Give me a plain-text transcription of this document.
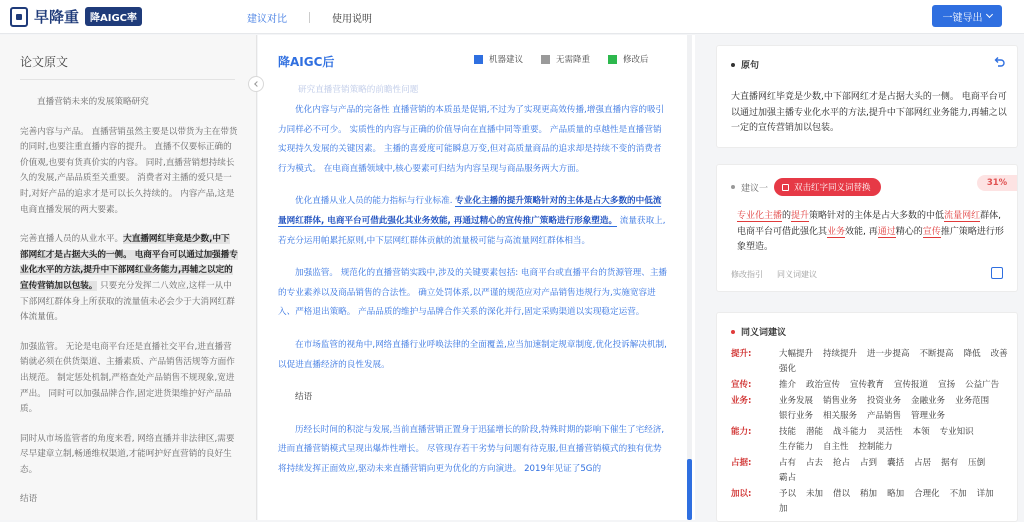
早降重	降AIGC率	建议对比	使用说明	一键导出
论文原文
直播营销未来的发展策略研究

完善内容与产品。 直播营销虽然主要是以带货为主在带货的同时,也要注重直播内容的提升。 直播不仅要标正确的价值观,也要有货真价实的内容。 同时,直播营销想持续长久的发展,产品品质至关重要。 消费者对主播的爱只是一时,对好产品的追求才是可以长久持续的。 内容产品,这是电商直播发展的两大要素。

完善直播人员的从业水平。大直播网红毕竟是少数,中下部网红才是占据大头的一侧。 电商平台可以通过加强播专业化水平的方法,提升中下部网红业务能力,再辅之以定的宣传营销加以包装。 只要充分发挥二八效应,这样一从中下部网红群体身上所获取的流量值未必会少于大消网红群体流量值。

加强监管。 无论是电商平台还是直播社交平台,进直播营销就必须在供货渠道、主播素质、产品销售活规等方面作出规范。 制定惩处机制,严格查处产品销售不规现象,宽进严出。 同时可以加强品牌合作,固定进货渠维护好产品品质。

同时从市场监管者的角度来看, 网络直播并非法律区,需要尽早建章立制,畅通维权渠道,才能呵护好直营销的良好生态。

结语

降AIGC后	机器建议	无需降重	修改后
研究直播营销策略的前瞻性问题

优化内容与产品的完备性 直播营销的本质虽是促销,不过为了实现更高效传播,增强直播内容的吸引力同样必不可少。 实质性的内容与正确的价值导向在直播中同等重要。 产品质量的卓越性是直播营销实现持久发展的关键因素。 主播的喜爱度可能瞬息万变,但对高质量商品的追求却是持续不变的消费者行为模式。 在电商直播领域中,核心要素可归结为内容呈现与商品服务两大方面。

优化直播从业人员的能力指标与行业标准. 专业化主播的提升策略针对的主体是占大多数的中低流量网红群体, 电商平台可借此强化其业务效能, 再通过精心的宣传推广策略进行形象塑造。 流量获取上,若充分运用帕累托原则,中下层网红群体贡献的流量极可能与高流量网红群体相当。

加强监管。 规范化的直播营销实践中,涉及的关键要素包括: 电商平台或直播平台的货源管理、主播的专业素养以及商品销售的合法性。 确立处罚体系,以严谨的规范应对产品销售违规行为,实施宽容进入、严格退出策略。 产品品质的维护与品牌合作关系的深化并行,固定采购渠道以实现稳定运营。

在市场监管的视角中,网络直播行业呼唤法律的全面覆盖,应当加速制定规章制度,优化投诉解决机制,以促进直播经济的良性发展。

结语

历经长时间的积淀与发展,当前直播营销正置身于迅猛增长的阶段,特殊时期的影响下催生了宅经济,进而直播营销模式呈现出爆炸性增长。 尽管现存若干劣势与问题有待克服,但直播营销模式的独有优势将持续发挥正面效应,驱动未来直播营销向更为优化的方向演进。 2019年见证了5G的

原句
大直播网红毕竟是少数,中下部网红才是占据大头的一侧。 电商平台可以通过加强主播专业化水平的方法,提升中下部网红业务能力,再辅之以一定的宣传营销加以包装。
建议一	双击红字同义词替换	31%
专业化主播的提升策略针对的主体是占大多数的中低流量网红群体, 电商平台可借此强化其业务效能, 再通过精心的宣传推广策略进行形象塑造。
修改指引 同义词建议
同义词建议
提升:	大幅提升 持续提升 进一步提高 不断提高 降低 改善
强化
宣传:	推介 政治宣传 宣传教育 宣传报道 宣扬 公益广告
业务:	业务发展 销售业务 投资业务 金融业务 业务范围
银行业务 相关服务 产品销售 管理业务
能力:	技能 潜能 战斗能力 灵活性 本领 专业知识
生存能力 自主性 控制能力
占据:	占有 占去 抢占 占到 囊括 占居 据有 压倒
霸占
加以:	予以 未加 借以 稍加 略加 合理化 不加 详加
加
